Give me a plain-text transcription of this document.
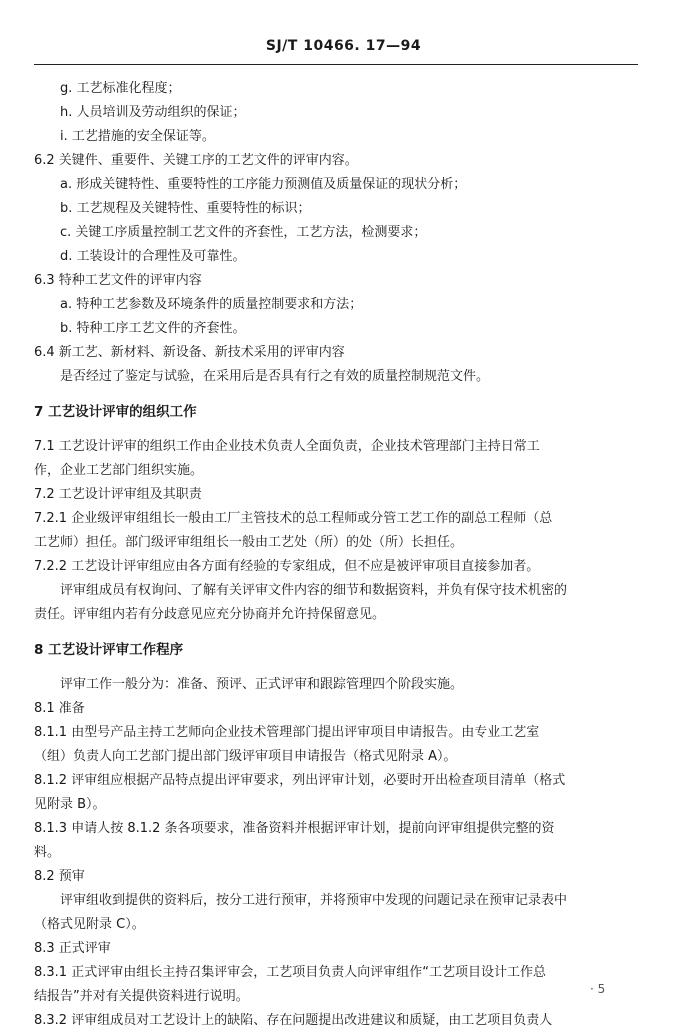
SJ/T 10466. 17—94
g. 工艺标准化程度；
h. 人员培训及劳动组织的保证；
i. 工艺措施的安全保证等。
6.2 关键件、重要件、关键工序的工艺文件的评审内容。
a. 形成关键特性、重要特性的工序能力预测值及质量保证的现状分析；
b. 工艺规程及关键特性、重要特性的标识；
c. 关键工序质量控制工艺文件的齐套性，工艺方法，检测要求；
d. 工装设计的合理性及可靠性。
6.3 特种工艺文件的评审内容
a. 特种工艺参数及环境条件的质量控制要求和方法；
b. 特种工序工艺文件的齐套性。
6.4 新工艺、新材料、新设备、新技术采用的评审内容
是否经过了鉴定与试验，在采用后是否具有行之有效的质量控制规范文件。
7 工艺设计评审的组织工作
7.1 工艺设计评审的组织工作由企业技术负责人全面负责，企业技术管理部门主持日常工
作，企业工艺部门组织实施。
7.2 工艺设计评审组及其职责
7.2.1 企业级评审组组长一般由工厂主管技术的总工程师或分管工艺工作的副总工程师（总
工艺师）担任。部门级评审组组长一般由工艺处（所）的处（所）长担任。
7.2.2 工艺设计评审组应由各方面有经验的专家组成，但不应是被评审项目直接参加者。
评审组成员有权询问、了解有关评审文件内容的细节和数据资料，并负有保守技术机密的
责任。评审组内若有分歧意见应充分协商并允许持保留意见。
8 工艺设计评审工作程序
评审工作一般分为：准备、预评、正式评审和跟踪管理四个阶段实施。
8.1 准备
8.1.1 由型号产品主持工艺师向企业技术管理部门提出评审项目申请报告。由专业工艺室
（组）负责人向工艺部门提出部门级评审项目申请报告（格式见附录 A）。
8.1.2 评审组应根据产品特点提出评审要求，列出评审计划，必要时开出检查项目清单（格式
见附录 B）。
8.1.3 申请人按 8.1.2 条各项要求，准备资料并根据评审计划，提前向评审组提供完整的资
料。
8.2 预审
评审组收到提供的资料后，按分工进行预审，并将预审中发现的问题记录在预审记录表中
（格式见附录 C）。
8.3 正式评审
8.3.1 正式评审由组长主持召集评审会，工艺项目负责人向评审组作“工艺项目设计工作总
结报告”并对有关提供资料进行说明。
8.3.2 评审组成员对工艺设计上的缺陷、存在问题提出改进建议和质疑，由工艺项目负责人
· 5
